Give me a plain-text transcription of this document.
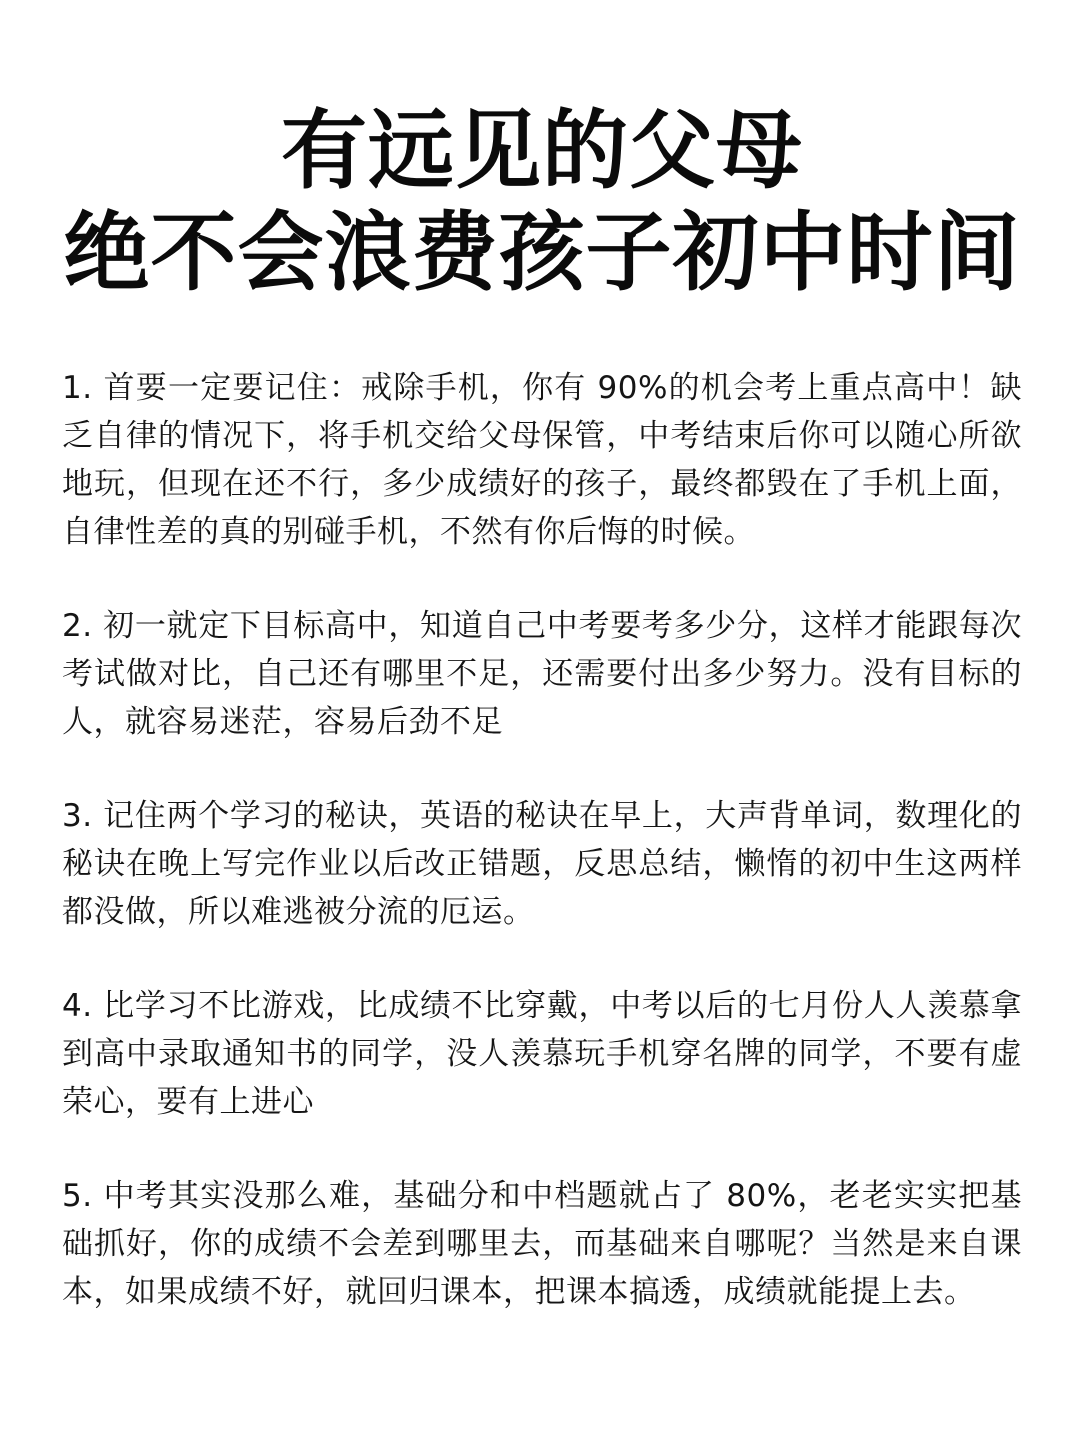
有远见的父母
绝不会浪费孩子初中时间

1. 首要一定要记住：戒除手机，你有 90%的机会考上重点高中！缺乏自律的情况下，将手机交给父母保管，中考结束后你可以随心所欲地玩，但现在还不行，多少成绩好的孩子，最终都毁在了手机上面，自律性差的真的别碰手机，不然有你后悔的时候。

2. 初一就定下目标高中，知道自己中考要考多少分，这样才能跟每次考试做对比，自己还有哪里不足，还需要付出多少努力。没有目标的人，就容易迷茫，容易后劲不足

3. 记住两个学习的秘诀，英语的秘诀在早上，大声背单词，数理化的秘诀在晚上写完作业以后改正错题，反思总结，懒惰的初中生这两样都没做，所以难逃被分流的厄运。

4. 比学习不比游戏，比成绩不比穿戴，中考以后的七月份人人羡慕拿到高中录取通知书的同学，没人羡慕玩手机穿名牌的同学，不要有虚荣心，要有上进心

5. 中考其实没那么难，基础分和中档题就占了 80%，老老实实把基础抓好，你的成绩不会差到哪里去，而基础来自哪呢？当然是来自课本，如果成绩不好，就回归课本，把课本搞透，成绩就能提上去。
